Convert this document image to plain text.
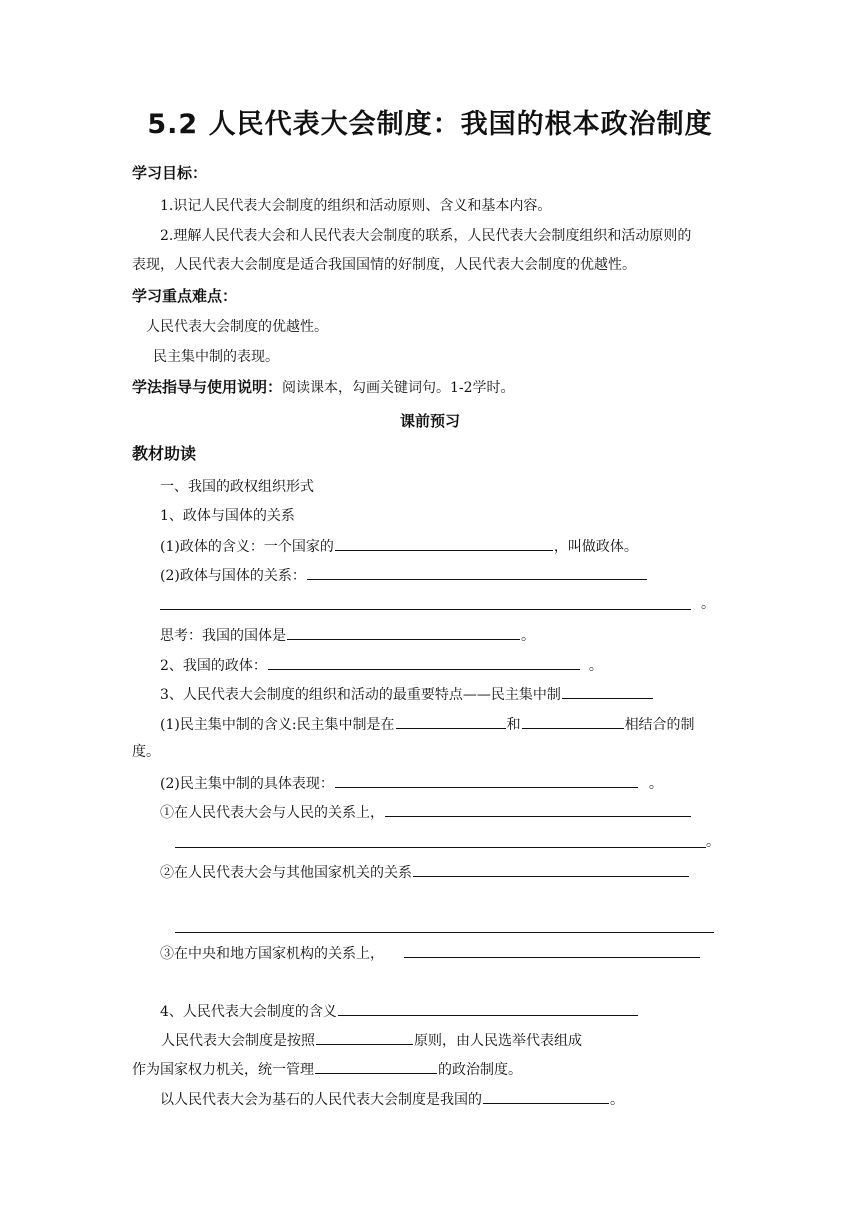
5.2 人民代表大会制度：我国的根本政治制度
学习目标：
1.识记人民代表大会制度的组织和活动原则、含义和基本内容。
2.理解人民代表大会和人民代表大会制度的联系，人民代表大会制度组织和活动原则的
表现，人民代表大会制度是适合我国国情的好制度，人民代表大会制度的优越性。
学习重点难点：
人民代表大会制度的优越性。
民主集中制的表现。
学法指导与使用说明：阅读课本，勾画关键词句。1-2学时。
课前预习
教材助读
一、我国的政权组织形式
1、政体与国体的关系
(1)政体的含义：一个国家的	，叫做政体。
(2)政体与国体的关系：
。
思考：我国的国体是	。
2、我国的政体：	。
3、人民代表大会制度的组织和活动的最重要特点——民主集中制
(1)民主集中制的含义:民主集中制是在	和	相结合的制
度。
(2)民主集中制的具体表现：	。
①在人民代表大会与人民的关系上，
。
②在人民代表大会与其他国家机关的关系
③在中央和地方国家机构的关系上，
4、人民代表大会制度的含义
人民代表大会制度是按照	原则，由人民选举代表组成
作为国家权力机关，统一管理	的政治制度。
以人民代表大会为基石的人民代表大会制度是我国的	。
